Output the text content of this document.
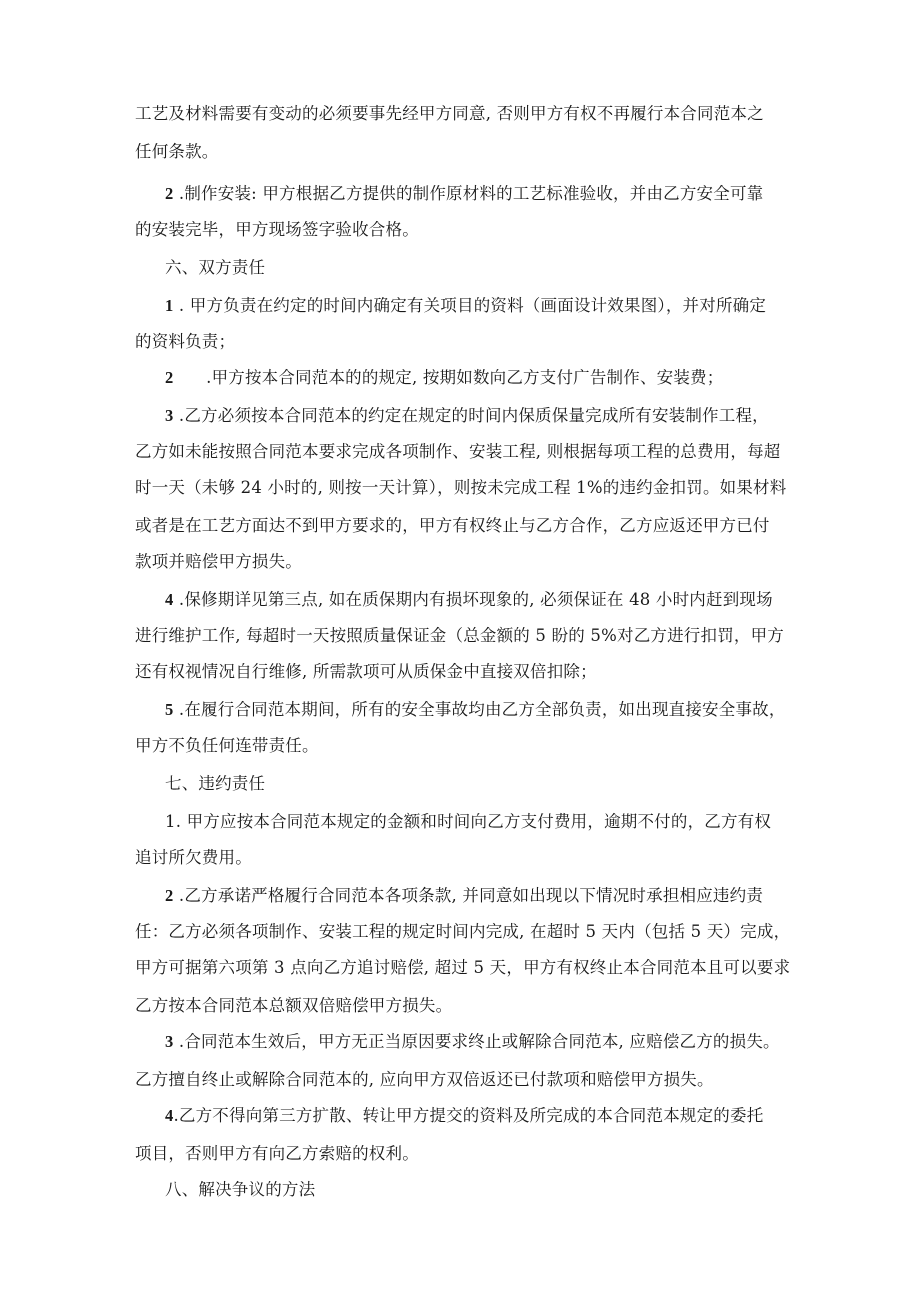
工艺及材料需要有变动的必须要事先经甲方同意, 否则甲方有权不再履行本合同范本之
任何条款。
2 .制作安装: 甲方根据乙方提供的制作原材料的工艺标准验收，并由乙方安全可靠
的安装完毕，甲方现场签字验收合格。
六、双方责任
1 . 甲方负责在约定的时间内确定有关项目的资料（画面设计效果图），并对所确定
的资料负责；
2      .甲方按本合同范本的的规定, 按期如数向乙方支付广告制作、安装费；
3 .乙方必须按本合同范本的约定在规定的时间内保质保量完成所有安装制作工程，
乙方如未能按照合同范本要求完成各项制作、安装工程, 则根据每项工程的总费用，每超
时一天（未够 24 小时的, 则按一天计算），则按未完成工程 1%的违约金扣罚。如果材料
或者是在工艺方面达不到甲方要求的，甲方有权终止与乙方合作，乙方应返还甲方已付
款项并赔偿甲方损失。
4 .保修期详见第三点, 如在质保期内有损坏现象的, 必须保证在 48 小时内赶到现场
进行维护工作, 每超时一天按照质量保证金（总金额的 5 盼的 5%对乙方进行扣罚，甲方
还有权视情况自行维修, 所需款项可从质保金中直接双倍扣除；
5 .在履行合同范本期间，所有的安全事故均由乙方全部负责，如出现直接安全事故，
甲方不负任何连带责任。
七、违约责任
1. 甲方应按本合同范本规定的金额和时间向乙方支付费用，逾期不付的，乙方有权
追讨所欠费用。
2 .乙方承诺严格履行合同范本各项条款, 并同意如出现以下情况时承担相应违约责
任：乙方必须各项制作、安装工程的规定时间内完成, 在超时 5 天内（包括 5 天）完成，
甲方可据第六项第 3 点向乙方追讨赔偿, 超过 5 天，甲方有权终止本合同范本且可以要求
乙方按本合同范本总额双倍赔偿甲方损失。
3 .合同范本生效后，甲方无正当原因要求终止或解除合同范本, 应赔偿乙方的损失。
乙方擅自终止或解除合同范本的, 应向甲方双倍返还已付款项和赔偿甲方损失。
4.乙方不得向第三方扩散、转让甲方提交的资料及所完成的本合同范本规定的委托
项目，否则甲方有向乙方索赔的权利。
八、解决争议的方法
